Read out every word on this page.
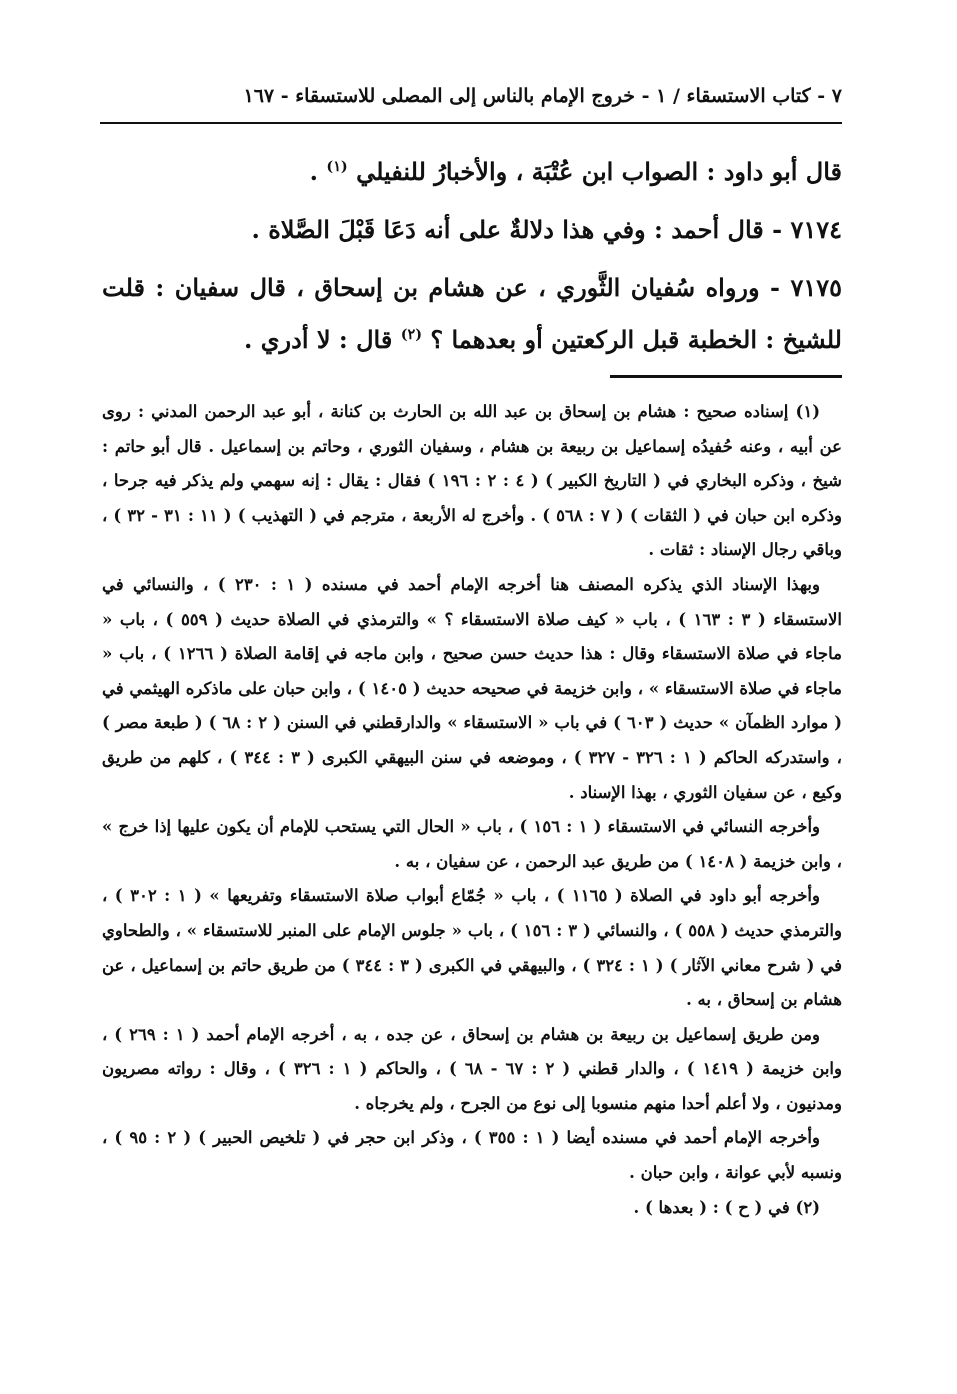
٧ - كتاب الاستسقاء / ١ - خروج الإمام بالناس إلى المصلى للاستسقاء - ١٦٧

قال أبو داود : الصواب ابن عُتْبَة ، والأخبارُ للنفيلي $^{(١)}$ .

٧١٧٤ - قال أحمد : وفي هذا دلالةٌ على أنه دَعَا قَبْلَ الصَّلاة .

٧١٧٥ - ورواه سُفيان الثَّوري ، عن هشام بن إسحاق ، قال سفيان : قلت للشيخ : الخطبة قبل الركعتين أو بعدهما ؟ $^{(٢)}$ قال : لا أدري .

(١) إسناده صحيح : هشام بن إسحاق بن عبد الله بن الحارث بن كنانة ، أبو عبد الرحمن المدني : روى عن أبيه ، وعنه حُفيدُه إسماعيل بن ربيعة بن هشام ، وسفيان الثوري ، وحاتم بن إسماعيل . قال أبو حاتم : شيخ ، وذكره البخاري في ( التاريخ الكبير ) ( ٤ : ٢ : ١٩٦ ) فقال : يقال : إنه سهمي ولم يذكر فيه جرحا ، وذكره ابن حبان في ( الثقات ) ( ٧ : ٥٦٨ ) . وأخرج له الأربعة ، مترجم في ( التهذيب ) ( ١١ : ٣١ - ٣٢ ) ، وباقي رجال الإسناد : ثقات .

وبهذا الإسناد الذي يذكره المصنف هنا أخرجه الإمام أحمد في مسنده ( ١ : ٢٣٠ ) ، والنسائي في الاستسقاء ( ٣ : ١٦٣ ) ، باب « كيف صلاة الاستسقاء ؟ » والترمذي في الصلاة حديث ( ٥٥٩ ) ، باب « ماجاء في صلاة الاستسقاء وقال : هذا حديث حسن صحيح ، وابن ماجه في إقامة الصلاة ( ١٢٦٦ ) ، باب « ماجاء في صلاة الاستسقاء » ، وابن خزيمة في صحيحه حديث ( ١٤٠٥ ) ، وابن حبان على ماذكره الهيثمي في ( موارد الظمآن » حديث ( ٦٠٣ ) في باب « الاستسقاء » والدارقطني في السنن ( ٢ : ٦٨ ) ( طبعة مصر ) ، واستدركه الحاكم ( ١ : ٣٢٦ - ٣٢٧ ) ، وموضعه في سنن البيهقي الكبرى ( ٣ : ٣٤٤ ) ، كلهم من طريق وكيع ، عن سفيان الثوري ، بهذا الإسناد .

وأخرجه النسائي في الاستسقاء ( ١ : ١٥٦ ) ، باب « الحال التي يستحب للإمام أن يكون عليها إذا خرج » ، وابن خزيمة ( ١٤٠٨ ) من طريق عبد الرحمن ، عن سفيان ، به .

وأخرجه أبو داود في الصلاة ( ١١٦٥ ) ، باب « جُمّاع أبواب صلاة الاستسقاء وتفريعها » ( ١ : ٣٠٢ ) ، والترمذي حديث ( ٥٥٨ ) ، والنسائي ( ٣ : ١٥٦ ) ، باب « جلوس الإمام على المنبر للاستسقاء » ، والطحاوي في ( شرح معاني الآثار ) ( ١ : ٣٢٤ ) ، والبيهقي في الكبرى ( ٣ : ٣٤٤ ) من طريق حاتم بن إسماعيل ، عن هشام بن إسحاق ، به .

ومن طريق إسماعيل بن ربيعة بن هشام بن إسحاق ، عن جده ، به ، أخرجه الإمام أحمد ( ١ : ٢٦٩ ) ، وابن خزيمة ( ١٤١٩ ) ، والدار قطني ( ٢ : ٦٧ - ٦٨ ) ، والحاكم ( ١ : ٣٢٦ ) ، وقال : رواته مصريون ومدنيون ، ولا أعلم أحدا منهم منسوبا إلى نوع من الجرح ، ولم يخرجاه .

وأخرجه الإمام أحمد في مسنده أيضا ( ١ : ٣٥٥ ) ، وذكر ابن حجر في ( تلخيص الحبير ) ( ٢ : ٩٥ ) ، ونسبه لأبي عوانة ، وابن حبان .

(٢) في ( ح ) : ( بعدها ) .
